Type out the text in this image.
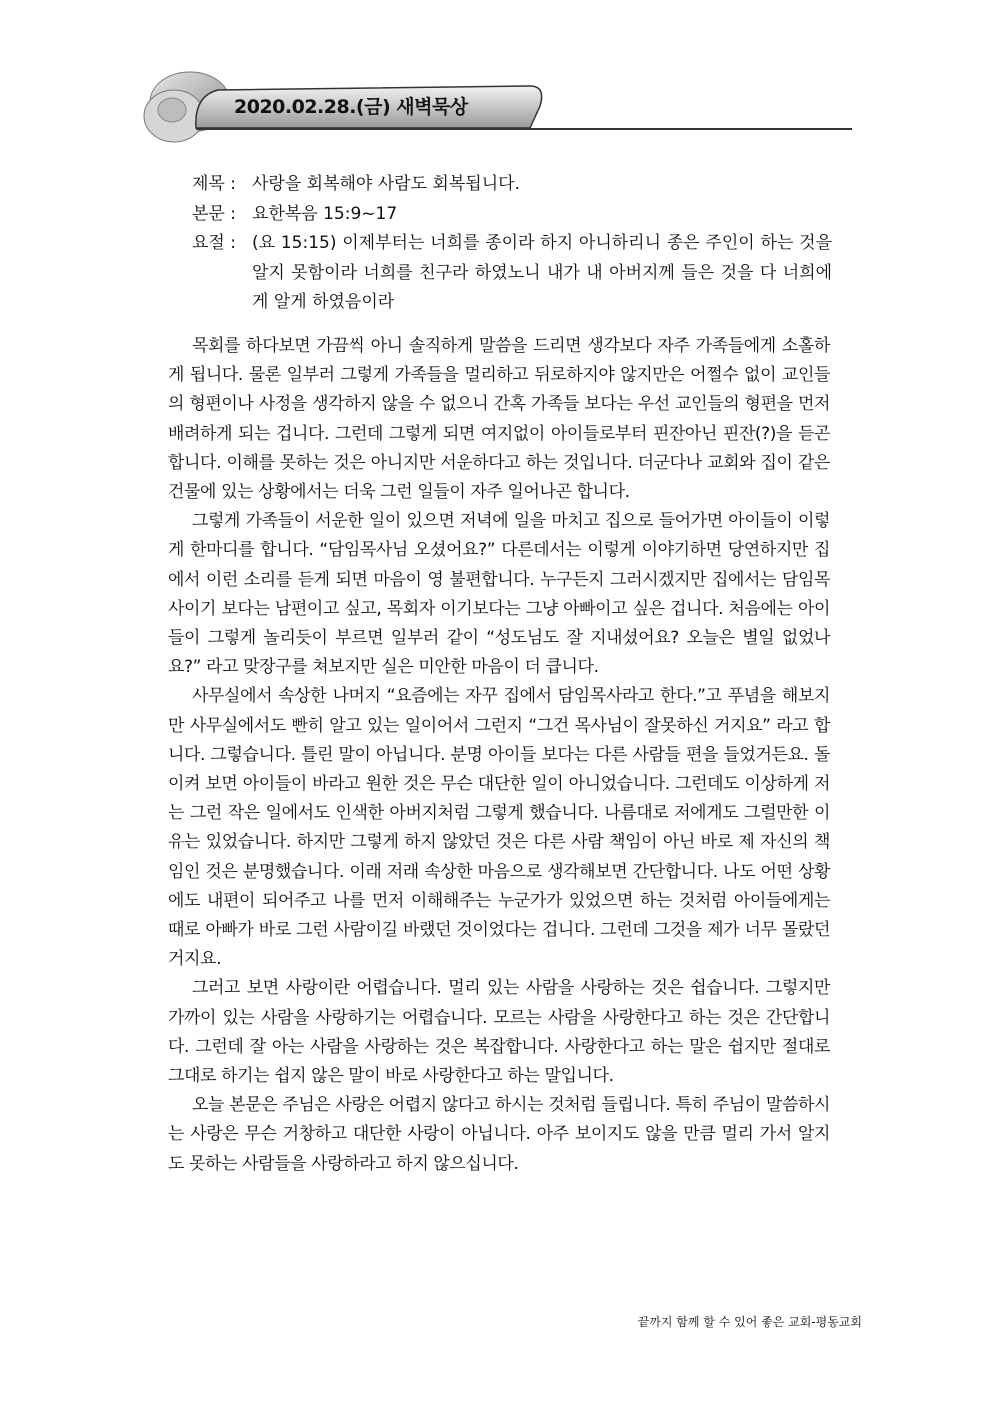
2020.02.28.(금) 새벽묵상
제목 : 사랑을 회복해야 사람도 회복됩니다.
본문 : 요한복음 15:9~17
요절 : (요 15:15) 이제부터는 너희를 종이라 하지 아니하리니 종은 주인이 하는 것을 알지 못함이라 너희를 친구라 하였노니 내가 내 아버지께 들은 것을 다 너희에게 알게 하였음이라

목회를 하다보면 가끔씩 아니 솔직하게 말씀을 드리면 생각보다 자주 가족들에게 소홀하게 됩니다. 물론 일부러 그렇게 가족들을 멀리하고 뒤로하지야 않지만은 어쩔수 없이 교인들의 형편이나 사정을 생각하지 않을 수 없으니 간혹 가족들 보다는 우선 교인들의 형편을 먼저 배려하게 되는 겁니다. 그런데 그렇게 되면 여지없이 아이들로부터 핀잔아닌 핀잔(?)을 듣곤 합니다. 이해를 못하는 것은 아니지만 서운하다고 하는 것입니다. 더군다나 교회와 집이 같은 건물에 있는 상황에서는 더욱 그런 일들이 자주 일어나곤 합니다.

그렇게 가족들이 서운한 일이 있으면 저녁에 일을 마치고 집으로 들어가면 아이들이 이렇게 한마디를 합니다. “담임목사님 오셨어요?” 다른데서는 이렇게 이야기하면 당연하지만 집에서 이런 소리를 듣게 되면 마음이 영 불편합니다. 누구든지 그러시겠지만 집에서는 담임목사이기 보다는 남편이고 싶고, 목회자 이기보다는 그냥 아빠이고 싶은 겁니다. 처음에는 아이들이 그렇게 놀리듯이 부르면 일부러 같이 “성도님도 잘 지내셨어요? 오늘은 별일 없었나요?” 라고 맞장구를 쳐보지만 실은 미안한 마음이 더 큽니다.

사무실에서 속상한 나머지 “요즘에는 자꾸 집에서 담임목사라고 한다.”고 푸념을 해보지만 사무실에서도 빤히 알고 있는 일이어서 그런지 “그건 목사님이 잘못하신 거지요” 라고 합니다. 그렇습니다. 틀린 말이 아닙니다. 분명 아이들 보다는 다른 사람들 편을 들었거든요. 돌이켜 보면 아이들이 바라고 원한 것은 무슨 대단한 일이 아니었습니다. 그런데도 이상하게 저는 그런 작은 일에서도 인색한 아버지처럼 그렇게 했습니다. 나름대로 저에게도 그럴만한 이유는 있었습니다. 하지만 그렇게 하지 않았던 것은 다른 사람 책임이 아닌 바로 제 자신의 책임인 것은 분명했습니다. 이래 저래 속상한 마음으로 생각해보면 간단합니다. 나도 어떤 상황에도 내편이 되어주고 나를 먼저 이해해주는 누군가가 있었으면 하는 것처럼 아이들에게는 때로 아빠가 바로 그런 사람이길 바랬던 것이었다는 겁니다. 그런데 그것을 제가 너무 몰랐던 거지요.

그러고 보면 사랑이란 어렵습니다. 멀리 있는 사람을 사랑하는 것은 쉽습니다. 그렇지만 가까이 있는 사람을 사랑하기는 어렵습니다. 모르는 사람을 사랑한다고 하는 것은 간단합니다. 그런데 잘 아는 사람을 사랑하는 것은 복잡합니다. 사랑한다고 하는 말은 쉽지만 절대로 그대로 하기는 쉽지 않은 말이 바로 사랑한다고 하는 말입니다.

오늘 본문은 주님은 사랑은 어렵지 않다고 하시는 것처럼 들립니다. 특히 주님이 말씀하시는 사랑은 무슨 거창하고 대단한 사랑이 아닙니다. 아주 보이지도 않을 만큼 멀리 가서 알지도 못하는 사람들을 사랑하라고 하지 않으십니다.

끝까지 함께 할 수 있어 좋은 교회-평동교회
